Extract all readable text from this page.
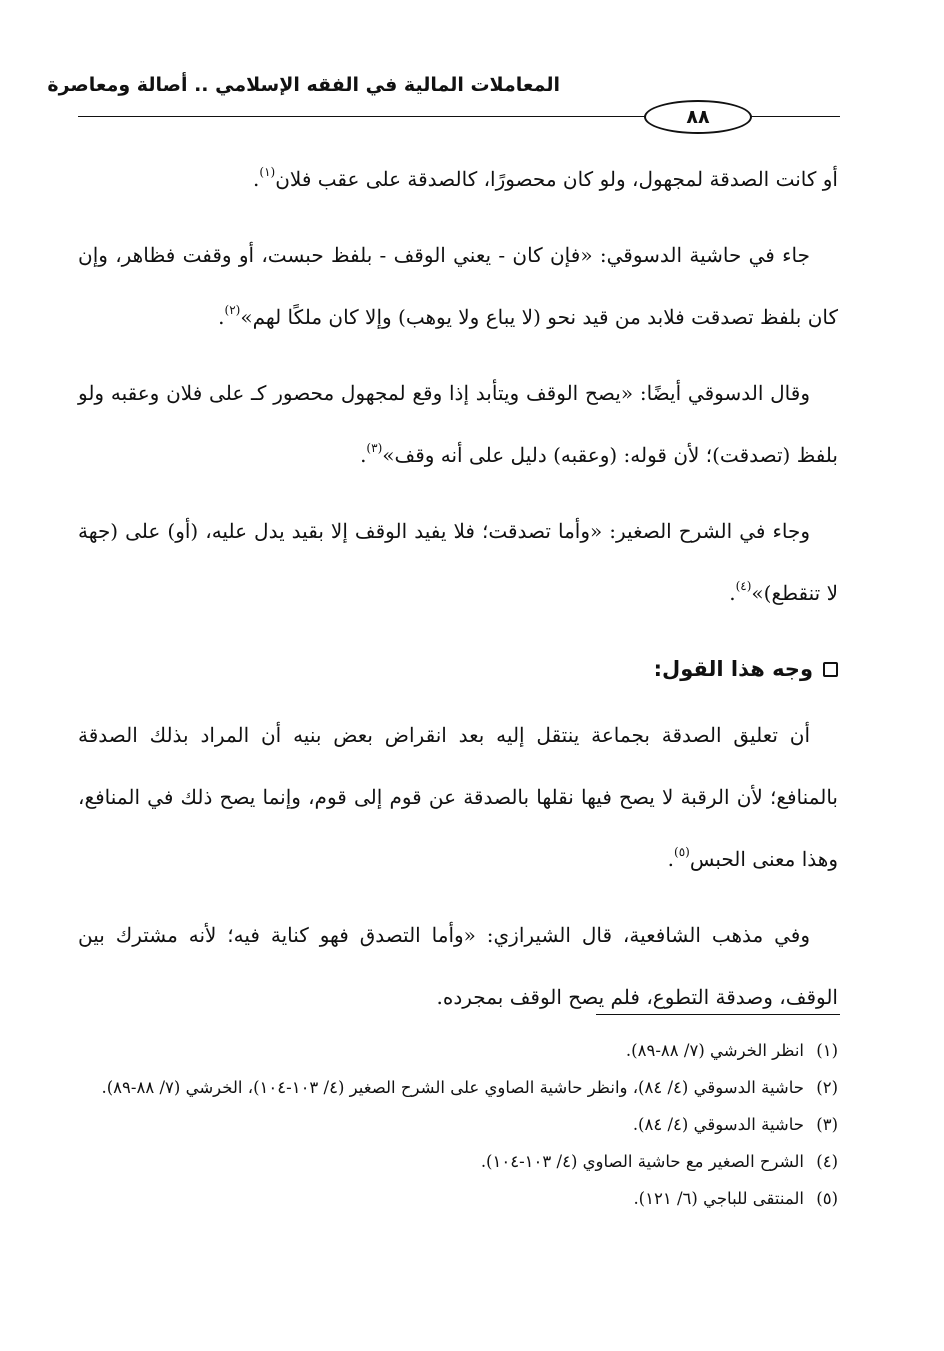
المعاملات المالية في الفقه الإسلامي .. أصالة ومعاصرة
٨٨

أو كانت الصدقة لمجهول، ولو كان محصورًا، كالصدقة على عقب فلان$^{(١)}$.

جاء في حاشية الدسوقي: «فإن كان - يعني الوقف - بلفظ حبست، أو وقفت فظاهر، وإن كان بلفظ تصدقت فلابد من قيد نحو (لا يباع ولا يوهب) وإلا كان ملكًا لهم»$^{(٢)}$.

وقال الدسوقي أيضًا: «يصح الوقف ويتأبد إذا وقع لمجهول محصور كـ على فلان وعقبه ولو بلفظ (تصدقت)؛ لأن قوله: (وعقبه) دليل على أنه وقف»$^{(٣)}$.

وجاء في الشرح الصغير: «وأما تصدقت؛ فلا يفيد الوقف إلا بقيد يدل عليه، (أو) على (جهة لا تنقطع)»$^{(٤)}$.

وجه هذا القول:

أن تعليق الصدقة بجماعة ينتقل إليه بعد انقراض بعض بنيه أن المراد بذلك الصدقة بالمنافع؛ لأن الرقبة لا يصح فيها نقلها بالصدقة عن قوم إلى قوم، وإنما يصح ذلك في المنافع، وهذا معنى الحبس$^{(٥)}$.

وفي مذهب الشافعية، قال الشيرازي: «وأما التصدق فهو كناية فيه؛ لأنه مشترك بين الوقف، وصدقة التطوع، فلم يصح الوقف بمجرده.

(١)
انظر الخرشي (٧/ ٨٨-٨٩).
(٢)
حاشية الدسوقي (٤/ ٨٤)، وانظر حاشية الصاوي على الشرح الصغير (٤/ ١٠٣-١٠٤)، الخرشي (٧/ ٨٨-٨٩).
(٣)
حاشية الدسوقي (٤/ ٨٤).
(٤)
الشرح الصغير مع حاشية الصاوي (٤/ ١٠٣-١٠٤).
(٥)
المنتقى للباجي (٦/ ١٢١).
